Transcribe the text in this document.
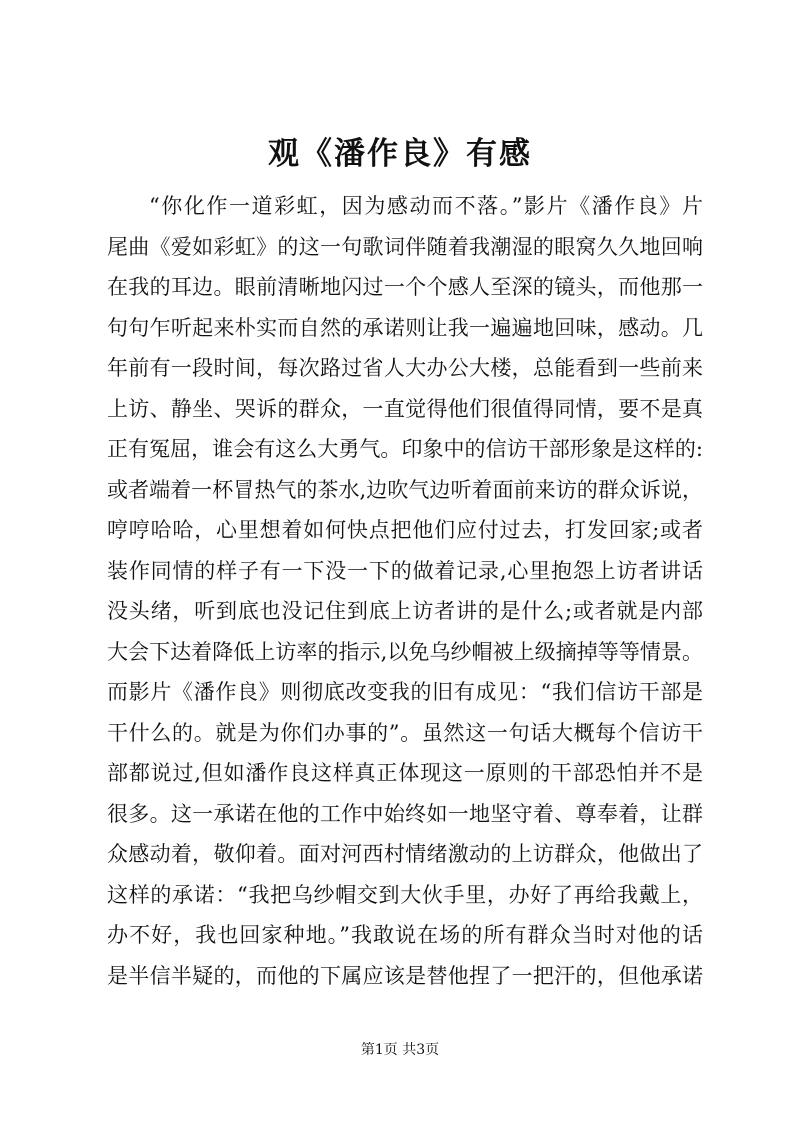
观《潘作良》有感
“你化作一道彩虹，因为感动而不落。”影片《潘作良》片
尾曲《爱如彩虹》的这一句歌词伴随着我潮湿的眼窝久久地回响
在我的耳边。眼前清晰地闪过一个个感人至深的镜头，而他那一
句句乍听起来朴实而自然的承诺则让我一遍遍地回味，感动。几
年前有一段时间，每次路过省人大办公大楼，总能看到一些前来
上访、静坐、哭诉的群众，一直觉得他们很值得同情，要不是真
正有冤屈，谁会有这么大勇气。印象中的信访干部形象是这样的:
或者端着一杯冒热气的茶水,边吹气边听着面前来访的群众诉说，
哼哼哈哈，心里想着如何快点把他们应付过去，打发回家;或者
装作同情的样子有一下没一下的做着记录,心里抱怨上访者讲话
没头绪，听到底也没记住到底上访者讲的是什么;或者就是内部
大会下达着降低上访率的指示,以免乌纱帽被上级摘掉等等情景。
而影片《潘作良》则彻底改变我的旧有成见：“我们信访干部是
干什么的。就是为你们办事的”。虽然这一句话大概每个信访干
部都说过,但如潘作良这样真正体现这一原则的干部恐怕并不是
很多。这一承诺在他的工作中始终如一地坚守着、尊奉着，让群
众感动着，敬仰着。面对河西村情绪激动的上访群众，他做出了
这样的承诺：“我把乌纱帽交到大伙手里，办好了再给我戴上，
办不好，我也回家种地。”我敢说在场的所有群众当时对他的话
是半信半疑的，而他的下属应该是替他捏了一把汗的，但他承诺
第1页 共3页
